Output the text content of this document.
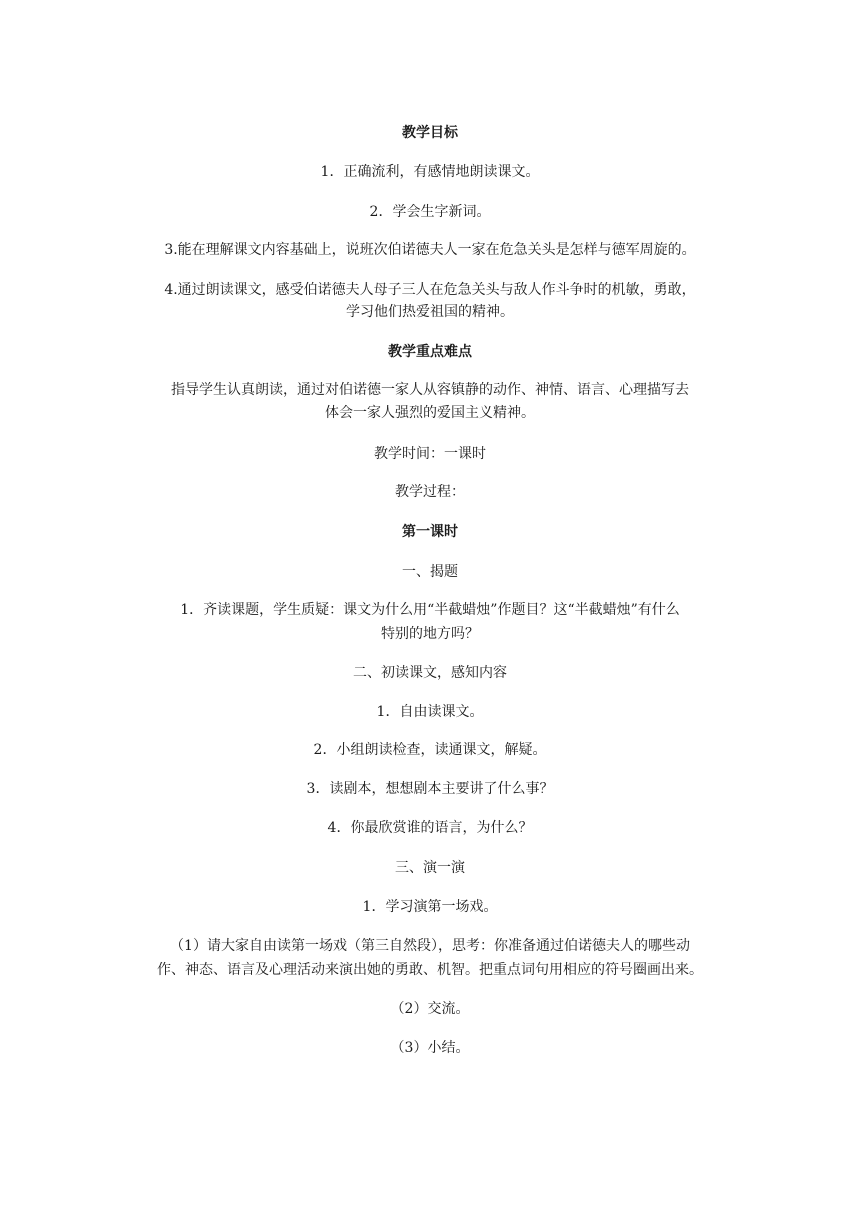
教学目标
1．正确流利，有感情地朗读课文。
2．学会生字新词。
3.能在理解课文内容基础上，说班次伯诺德夫人一家在危急关头是怎样与德军周旋的。
4.通过朗读课文，感受伯诺德夫人母子三人在危急关头与敌人作斗争时的机敏，勇敢，
学习他们热爱祖国的精神。
教学重点难点
指导学生认真朗读，通过对伯诺德一家人从容镇静的动作、神情、语言、心理描写去
体会一家人强烈的爱国主义精神。
教学时间：一课时
教学过程：
第一课时
一、揭题
1．齐读课题，学生质疑：课文为什么用“半截蜡烛”作题目？这“半截蜡烛”有什么
特别的地方吗？
二、初读课文，感知内容
1．自由读课文。
2．小组朗读检查，读通课文，解疑。
3．读剧本，想想剧本主要讲了什么事？
4．你最欣赏谁的语言，为什么？
三、演一演
1．学习演第一场戏。
（1）请大家自由读第一场戏（第三自然段），思考：你准备通过伯诺德夫人的哪些动
作、神态、语言及心理活动来演出她的勇敢、机智。把重点词句用相应的符号圈画出来。
（2）交流。
（3）小结。
